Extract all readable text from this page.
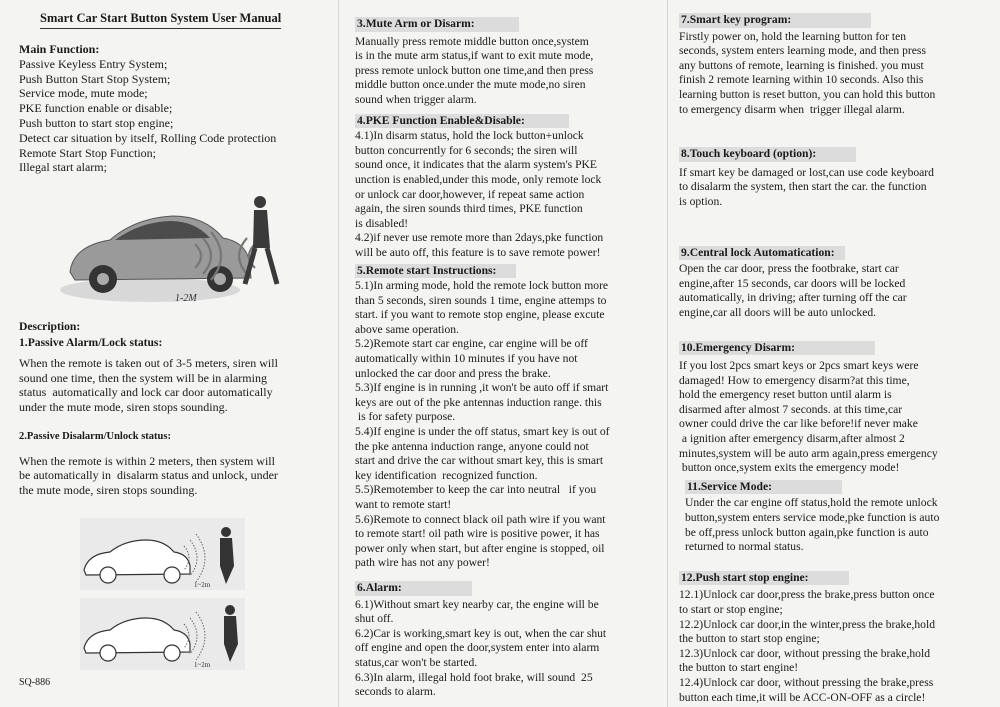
Smart Car Start Button System User Manual

Main Function:

Passive Keyless Entry System;

Push Button Start Stop System;

Service mode, mute mode;

PKE function enable or disable;

Push button to start stop engine;

Detect car situation by itself, Rolling Code protection

Remote Start Stop Function;

Illegal start alarm;

1-2M

Description:

1.Passive Alarm/Lock status:

When the remote is taken out of 3-5 meters, siren will

sound one time, then the system will be in alarming

status  automatically and lock car door automatically

under the mute mode, siren stops sounding.

2.Passive Disalarm/Unlock status:

When the remote is within 2 meters, then system will

be automatically in  disalarm status and unlock, under

the mute mode, siren stops sounding.

1~2m
1~2m
SQ-886

3.Mute Arm or Disarm:

Manually press remote middle button once,system

is in the mute arm status,if want to exit mute mode,

press remote unlock button one time,and then press

middle button once.under the mute mode,no siren

sound when trigger alarm.

4.PKE Function Enable&Disable:

4.1)In disarm status, hold the lock button+unlock

button concurrently for 6 seconds; the siren will

sound once, it indicates that the alarm system's PKE

unction is enabled,under this mode, only remote lock

or unlock car door,however, if repeat same action

again, the siren sounds third times, PKE function

is disabled!

4.2)if never use remote more than 2days,pke function

will be auto off, this feature is to save remote power!

5.Remote start Instructions:

5.1)In arming mode, hold the remote lock button more

than 5 seconds, siren sounds 1 time, engine attemps to

start. if you want to remote stop engine, please excute

above same operation.

5.2)Remote start car engine, car engine will be off

automatically within 10 minutes if you have not

unlocked the car door and press the brake.

5.3)If engine is in running ,it won't be auto off if smart

keys are out of the pke antennas induction range. this

is for safety purpose.

5.4)If engine is under the off status, smart key is out of

the pke antenna induction range, anyone could not

start and drive the car without smart key, this is smart

key identification  recognized function.

5.5)Remotember to keep the car into neutral   if you

want to remote start!

5.6)Remote to connect black oil path wire if you want

to remote start! oil path wire is positive power, it has

power only when start, but after engine is stopped, oil

path wire has not any power!

6.Alarm:

6.1)Without smart key nearby car, the engine will be

shut off.

6.2)Car is working,smart key is out, when the car shut

off engine and open the door,system enter into alarm

status,car won't be started.

6.3)In alarm, illegal hold foot brake, will sound  25

seconds to alarm.

7.Smart key program:

Firstly power on, hold the learning button for ten

seconds, system enters learning mode, and then press

any buttons of remote, learning is finished. you must

finish 2 remote learning within 10 seconds. Also this

learning button is reset button, you can hold this button

to emergency disarm when  trigger illegal alarm.

8.Touch keyboard (option):

If smart key be damaged or lost,can use code keyboard

to disalarm the system, then start the car. the function

is option.

9.Central lock Automatication:

Open the car door, press the footbrake, start car

engine,after 15 seconds, car doors will be locked

automatically, in driving; after turning off the car

engine,car all doors will be auto unlocked.

10.Emergency Disarm:

If you lost 2pcs smart keys or 2pcs smart keys were

damaged! How to emergency disarm?at this time,

hold the emergency reset button until alarm is

disarmed after almost 7 seconds. at this time,car

owner could drive the car like before!if never make

a ignition after emergency disarm,after almost 2

minutes,system will be auto arm again,press emergency

button once,system exits the emergency mode!

11.Service Mode:

Under the car engine off status,hold the remote unlock

button,system enters service mode,pke function is auto

be off,press unlock button again,pke function is auto

returned to normal status.

12.Push start stop engine:

12.1)Unlock car door,press the brake,press button once

to start or stop engine;

12.2)Unlock car door,in the winter,press the brake,hold

the button to start stop engine;

12.3)Unlock car door, without pressing the brake,hold

the button to start engine!

12.4)Unlock car door, without pressing the brake,press

button each time,it will be ACC-ON-OFF as a circle!
